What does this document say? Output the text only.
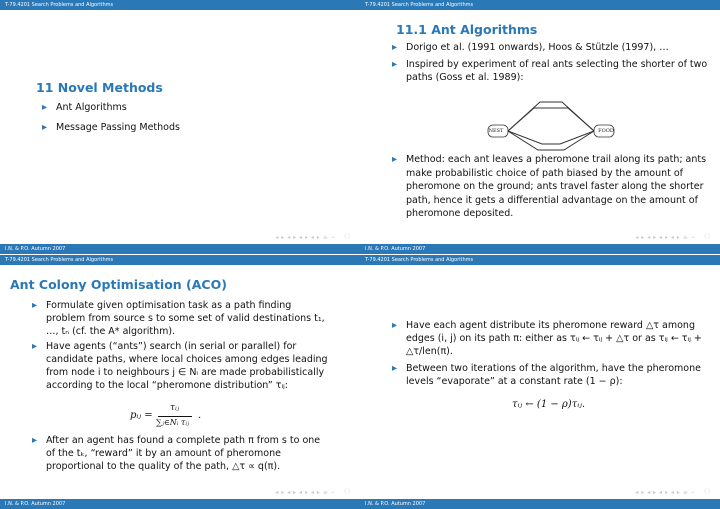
T-79.4201 Search Problems and Algorithms
11 Novel Methods
▸ Ant Algorithms
▸ Message Passing Methods
◂ ▸ ◂ ▸ ◂ ▸ ◂ ▸ ≡ ∽  〈〉
I.N. & P.O. Autumn 2007
T-79.4201 Search Problems and Algorithms
11.1 Ant Algorithms
▸ Dorigo et al. (1991 onwards), Hoos & Stützle (1997), …
▸ Inspired by experiment of real ants selecting the shorter of two paths (Goss et al. 1989):
NEST	FOOD
▸ Method: each ant leaves a pheromone trail along its path; ants make probabilistic choice of path biased by the amount of pheromone on the ground; ants travel faster along the shorter path, hence it gets a differential advantage on the amount of pheromone deposited.
◂ ▸ ◂ ▸ ◂ ▸ ◂ ▸ ≡ ∽  〈〉
I.N. & P.O. Autumn 2007
T-79.4201 Search Problems and Algorithms
Ant Colony Optimisation (ACO)
▸ Formulate given optimisation task as a path finding problem from source s to some set of valid destinations t₁, …, tₙ (cf. the A* algorithm).
▸ Have agents (“ants”) search (in serial or parallel) for candidate paths, where local choices among edges leading from node i to neighbours j ∈ Nᵢ are made probabilistically according to the local “pheromone distribution” τᵢⱼ:
pᵢⱼ =
τᵢⱼ
∑ⱼ∈Nᵢ τᵢⱼ
.
▸ After an agent has found a complete path π from s to one of the tₖ, “reward” it by an amount of pheromone proportional to the quality of the path, △τ ∝ q(π).
◂ ▸ ◂ ▸ ◂ ▸ ◂ ▸ ≡ ∽  〈〉
I.N. & P.O. Autumn 2007
T-79.4201 Search Problems and Algorithms
▸ Have each agent distribute its pheromone reward △τ among edges (i, j) on its path π: either as τᵢⱼ ← τᵢⱼ + △τ or as τᵢⱼ ← τᵢⱼ + △τ/len(π).
▸ Between two iterations of the algorithm, have the pheromone levels “evaporate” at a constant rate (1 − ρ):
τᵢⱼ ← (1 − ρ)τᵢⱼ.
◂ ▸ ◂ ▸ ◂ ▸ ◂ ▸ ≡ ∽  〈〉
I.N. & P.O. Autumn 2007
